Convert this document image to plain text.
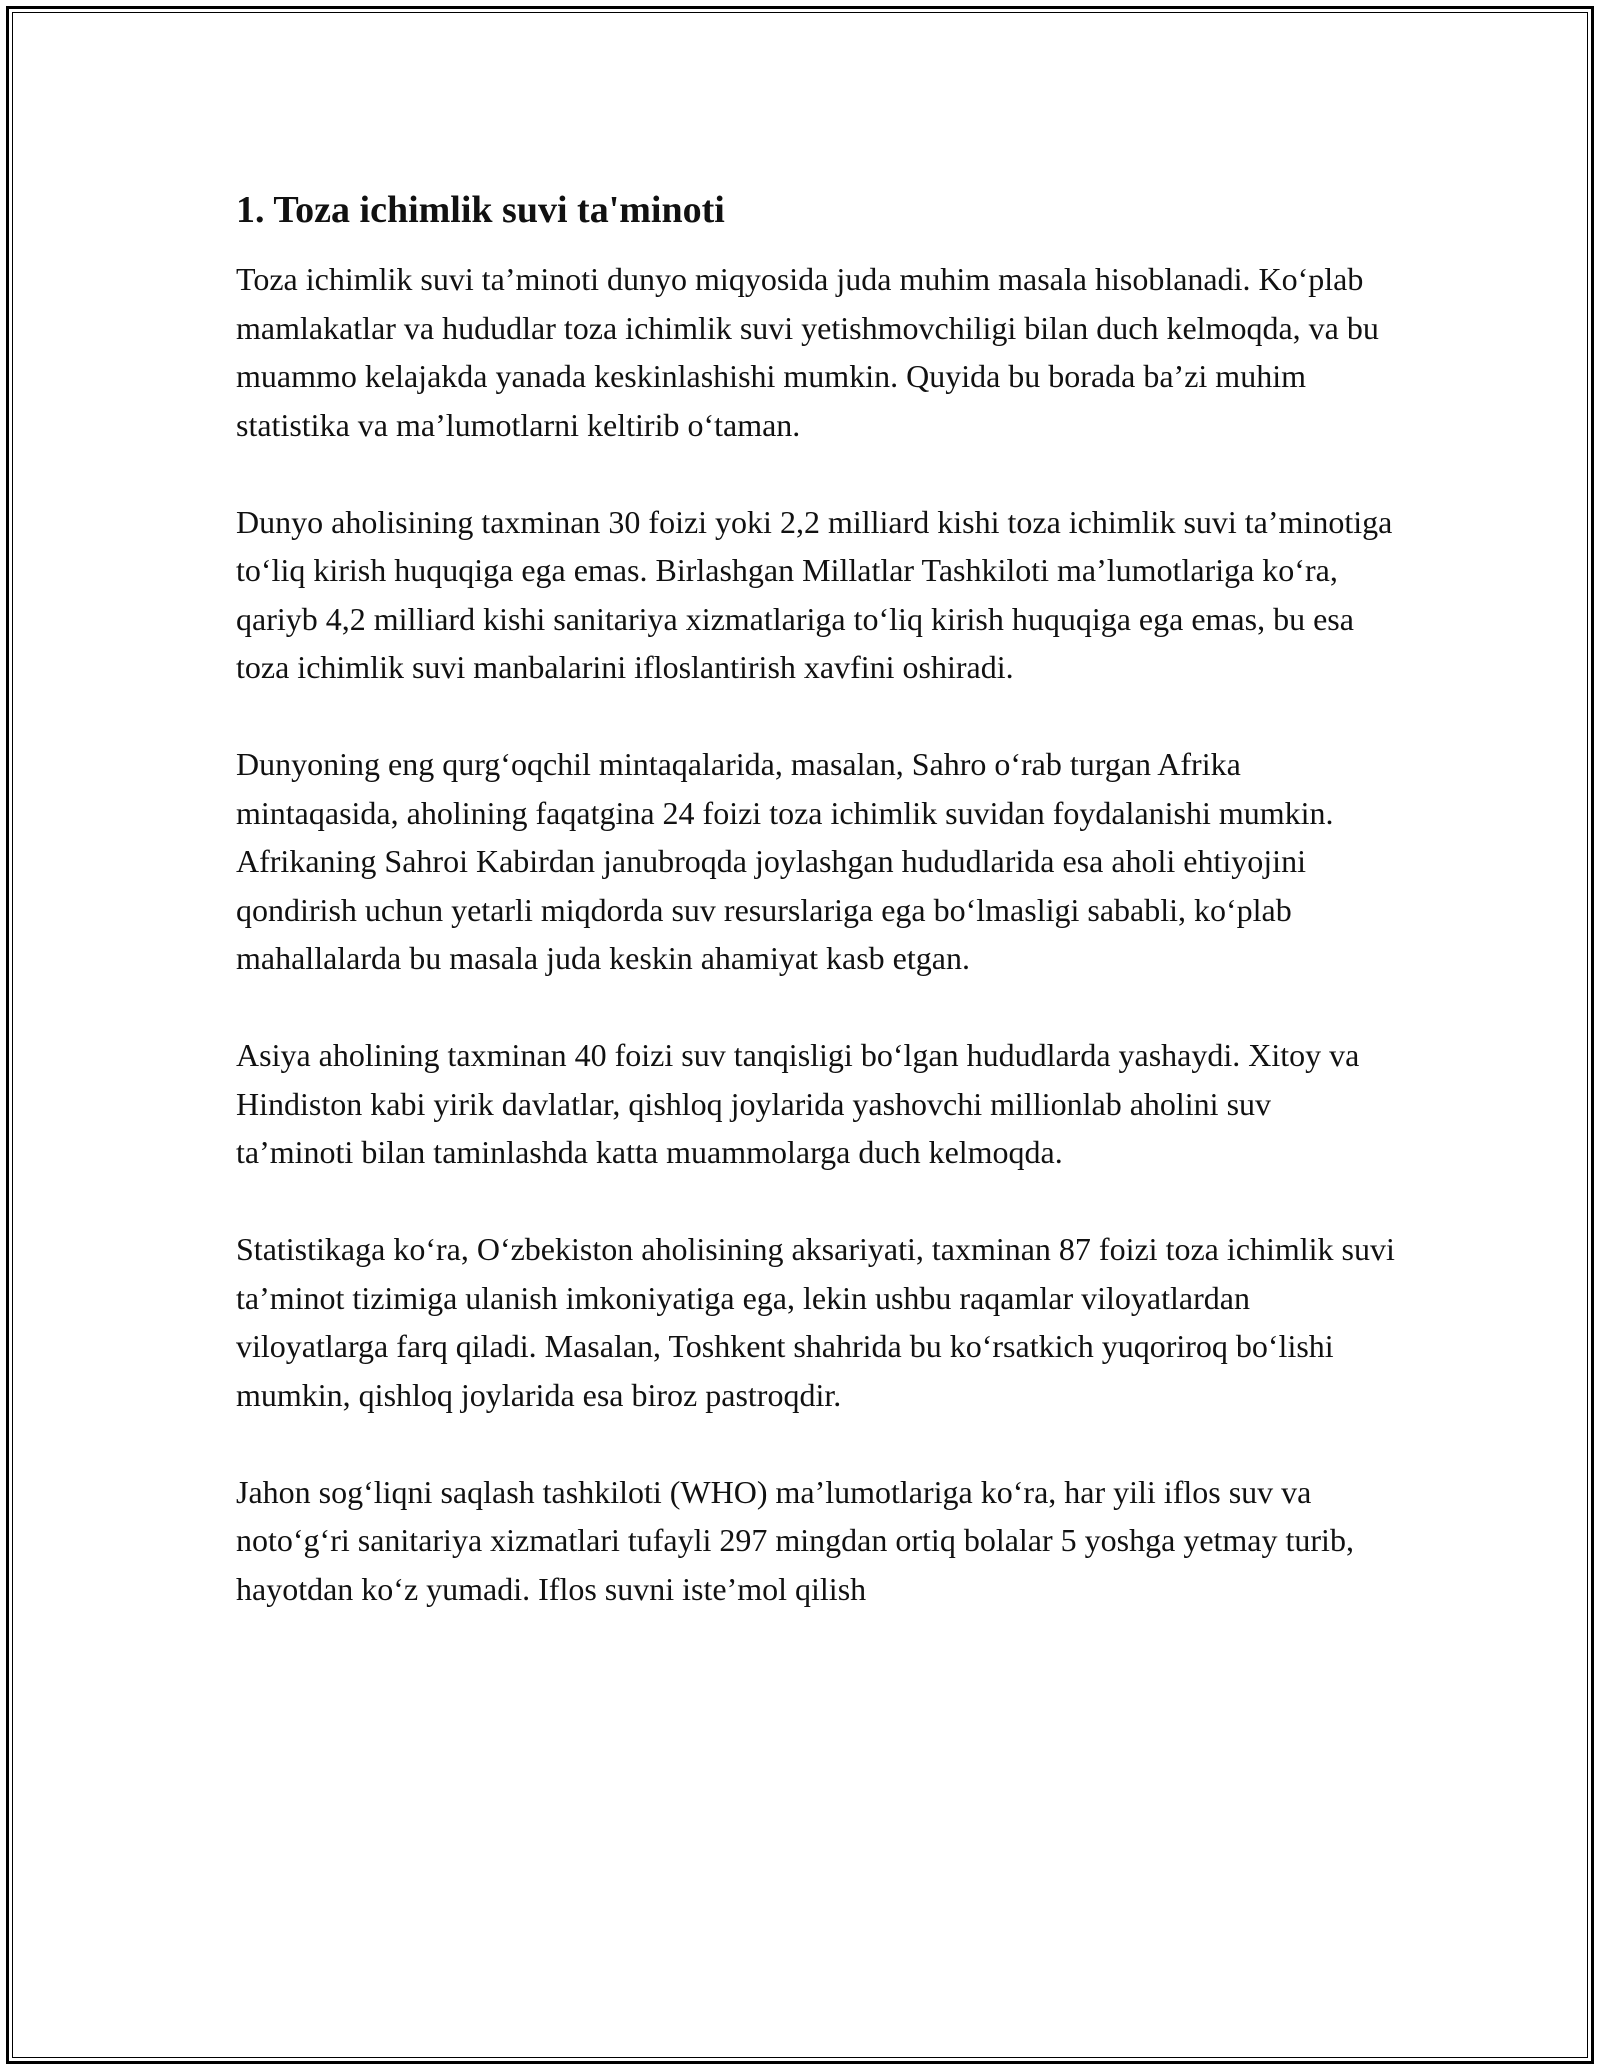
1. Toza ichimlik suvi ta'minoti

Toza ichimlik suvi ta’minoti dunyo miqyosida juda muhim masala hisoblanadi. Ko‘plab mamlakatlar va hududlar toza ichimlik suvi yetishmovchiligi bilan duch kelmoqda, va bu muammo kelajakda yanada keskinlashishi mumkin. Quyida bu borada ba’zi muhim statistika va ma’lumotlarni keltirib o‘taman.

Dunyo aholisining taxminan 30 foizi yoki 2,2 milliard kishi toza ichimlik suvi ta’minotiga to‘liq kirish huquqiga ega emas. Birlashgan Millatlar Tashkiloti ma’lumotlariga ko‘ra, qariyb 4,2 milliard kishi sanitariya xizmatlariga to‘liq kirish huquqiga ega emas, bu esa toza ichimlik suvi manbalarini ifloslantirish xavfini oshiradi.

Dunyoning eng qurg‘oqchil mintaqalarida, masalan, Sahro o‘rab turgan Afrika mintaqasida, aholining faqatgina 24 foizi toza ichimlik suvidan foydalanishi mumkin. Afrikaning Sahroi Kabirdan janubroqda joylashgan hududlarida esa aholi ehtiyojini qondirish uchun yetarli miqdorda suv resurslariga ega bo‘lmasligi sababli, ko‘plab mahallalarda bu masala juda keskin ahamiyat kasb etgan.

Asiya aholining taxminan 40 foizi suv tanqisligi bo‘lgan hududlarda yashaydi. Xitoy va Hindiston kabi yirik davlatlar, qishloq joylarida yashovchi millionlab aholini suv ta’minoti bilan taminlashda katta muammolarga duch kelmoqda.

Statistikaga ko‘ra, O‘zbekiston aholisining aksariyati, taxminan 87 foizi toza ichimlik suvi ta’minot tizimiga ulanish imkoniyatiga ega, lekin ushbu raqamlar viloyatlardan viloyatlarga farq qiladi. Masalan, Toshkent shahrida bu ko‘rsatkich yuqoriroq bo‘lishi mumkin, qishloq joylarida esa biroz pastroqdir.

Jahon sog‘liqni saqlash tashkiloti (WHO) ma’lumotlariga ko‘ra, har yili iflos suv va noto‘g‘ri sanitariya xizmatlari tufayli 297 mingdan ortiq bolalar 5 yoshga yetmay turib, hayotdan ko‘z yumadi. Iflos suvni iste’mol qilish
